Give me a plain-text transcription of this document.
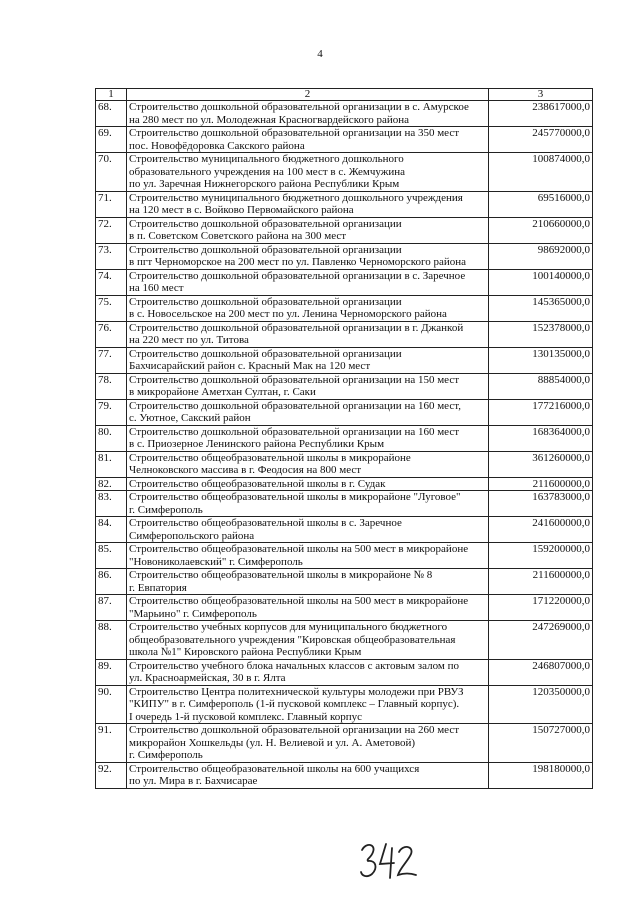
4
1	2	3
68.	Строительство дошкольной образовательной организации в с. Амурское
на 280 мест по ул. Молодежная Красногвардейского района	238617000,0
69.	Строительство дошкольной образовательной организации на 350 мест
пос. Новофёдоровка Сакского района	245770000,0
70.	Строительство муниципального бюджетного дошкольного
образовательного учреждения на 100 мест в с. Жемчужина
по ул. Заречная Нижнегорского района Республики Крым	100874000,0
71.	Строительство муниципального бюджетного дошкольного учреждения
на 120 мест в с. Войково Первомайского района	69516000,0
72.	Строительство дошкольной образовательной организации
в п. Советском Советского района на 300 мест	210660000,0
73.	Строительство дошкольной образовательной организации
в пгт Черноморское на 200 мест по ул. Павленко Черноморского района	98692000,0
74.	Строительство дошкольной образовательной организации в с. Заречное
на 160 мест	100140000,0
75.	Строительство дошкольной образовательной организации
в с. Новосельское на 200 мест по ул. Ленина Черноморского района	145365000,0
76.	Строительство дошкольной образовательной организации в г. Джанкой
на 220 мест по ул. Титова	152378000,0
77.	Строительство дошкольной образовательной организации
Бахчисарайский район с. Красный Мак на 120 мест	130135000,0
78.	Строительство дошкольной образовательной организации на 150 мест
в микрорайоне Аметхан Султан, г. Саки	88854000,0
79.	Строительство дошкольной образовательной организации на 160 мест,
с. Уютное, Сакский район	177216000,0
80.	Строительство дошкольной образовательной организации на 160 мест
в с. Приозерное Ленинского района Республики Крым	168364000,0
81.	Строительство общеобразовательной школы в микрорайоне
Челноковского массива в г. Феодосия на 800 мест	361260000,0
82.	Строительство общеобразовательной школы в г. Судак	211600000,0
83.	Строительство общеобразовательной школы в микрорайоне "Луговое"
г. Симферополь	163783000,0
84.	Строительство общеобразовательной школы в с. Заречное
Симферопольского района	241600000,0
85.	Строительство общеобразовательной школы на 500 мест в микрорайоне
"Новониколаевский" г. Симферополь	159200000,0
86.	Строительство общеобразовательной школы в микрорайоне № 8
г. Евпатория	211600000,0
87.	Строительство общеобразовательной школы на 500 мест в микрорайоне
"Марьино" г. Симферополь	171220000,0
88.	Строительство учебных корпусов для муниципального бюджетного
общеобразовательного учреждения "Кировская общеобразовательная
школа №1" Кировского района Республики Крым	247269000,0
89.	Строительство учебного блока начальных классов с актовым залом по
ул. Красноармейская, 30 в г. Ялта	246807000,0
90.	Строительство Центра политехнической культуры молодежи при РВУЗ
"КИПУ" в г. Симферополь (1-й пусковой комплекс – Главный корпус).
I очередь 1-й пусковой комплекс. Главный корпус	120350000,0
91.	Строительство дошкольной образовательной организации на 260 мест
микрорайон Хошкельды (ул. Н. Велиевой и ул. А. Аметовой)
г. Симферополь	150727000,0
92.	Строительство общеобразовательной школы на 600 учащихся
по ул. Мира в г. Бахчисарае	198180000,0
